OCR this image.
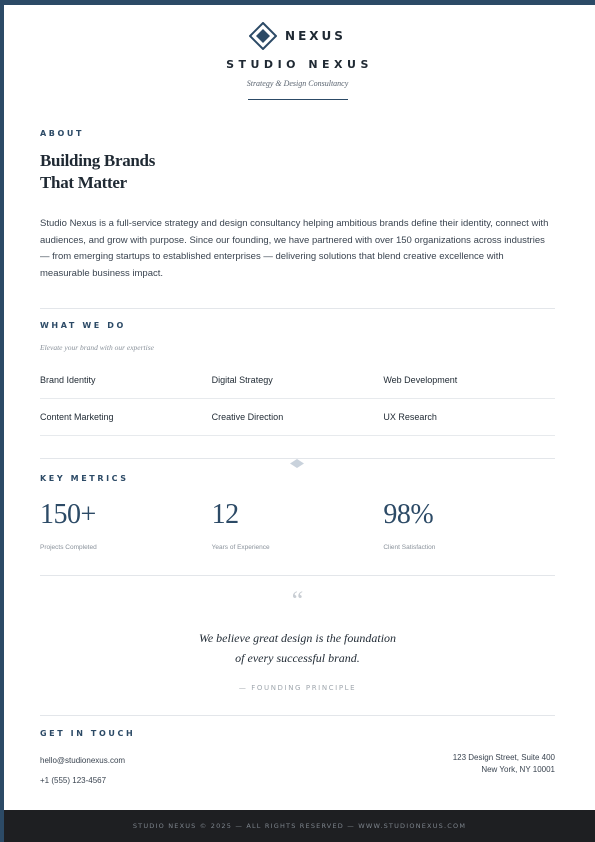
NEXUS
STUDIO NEXUS
Strategy & Design Consultancy
ABOUT
Building Brands
That Matter

Studio Nexus is a full-service strategy and design consultancy helping ambitious brands define their identity, connect with audiences, and grow with purpose. Since our founding, we have partnered with over 150 organizations across industries — from emerging startups to established enterprises — delivering solutions that blend creative excellence with measurable business impact.

WHAT WE DO
Elevate your brand with our expertise
Brand Identity	Digital Strategy	Web Development
Content Marketing	Creative Direction	UX Research
KEY METRICS
150+
Projects Completed
12
Years of Experience
98%
Client Satisfaction
“
We believe great design is the foundation
of every successful brand.
— FOUNDING PRINCIPLE
GET IN TOUCH
hello@studionexus.com
+1 (555) 123-4567
123 Design Street, Suite 400
New York, NY 10001
STUDIO NEXUS © 2025 — ALL RIGHTS RESERVED — WWW.STUDIONEXUS.COM
